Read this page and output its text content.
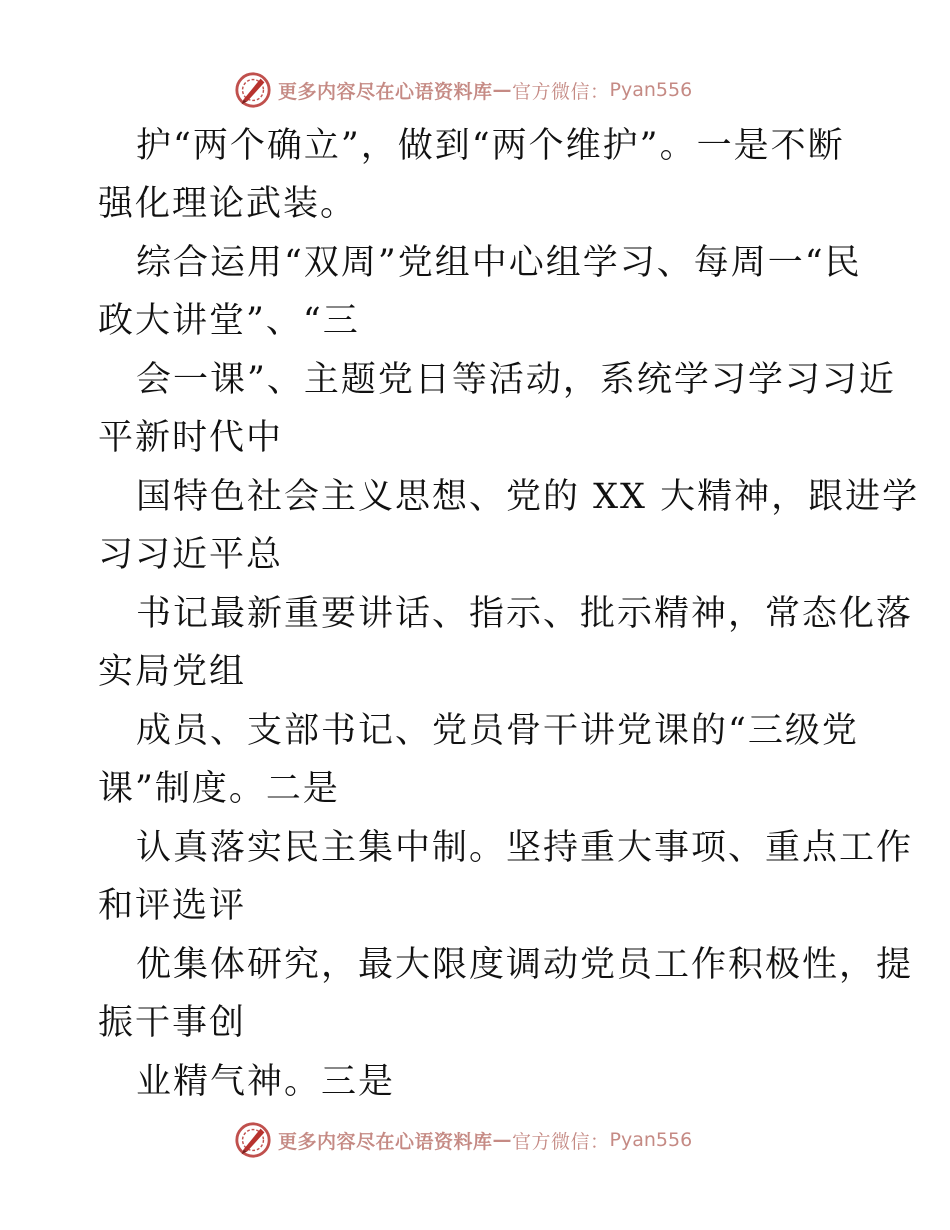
更多内容尽在心语资料库 — 官方微信： Pyan556
护“两个确立”，做到“两个维护”。一是不断
强化理论武装。
综合运用“双周”党组中心组学习、每周一“民
政大讲堂”、“三
会一课”、主题党日等活动，系统学习学习习近
平新时代中
国特色社会主义思想、党的 XX 大精神，跟进学
习习近平总
书记最新重要讲话、指示、批示精神，常态化落
实局党组
成员、支部书记、党员骨干讲党课的“三级党
课”制度。二是
认真落实民主集中制。坚持重大事项、重点工作
和评选评
优集体研究，最大限度调动党员工作积极性，提
振干事创
业精气神。三是
更多内容尽在心语资料库 — 官方微信： Pyan556
